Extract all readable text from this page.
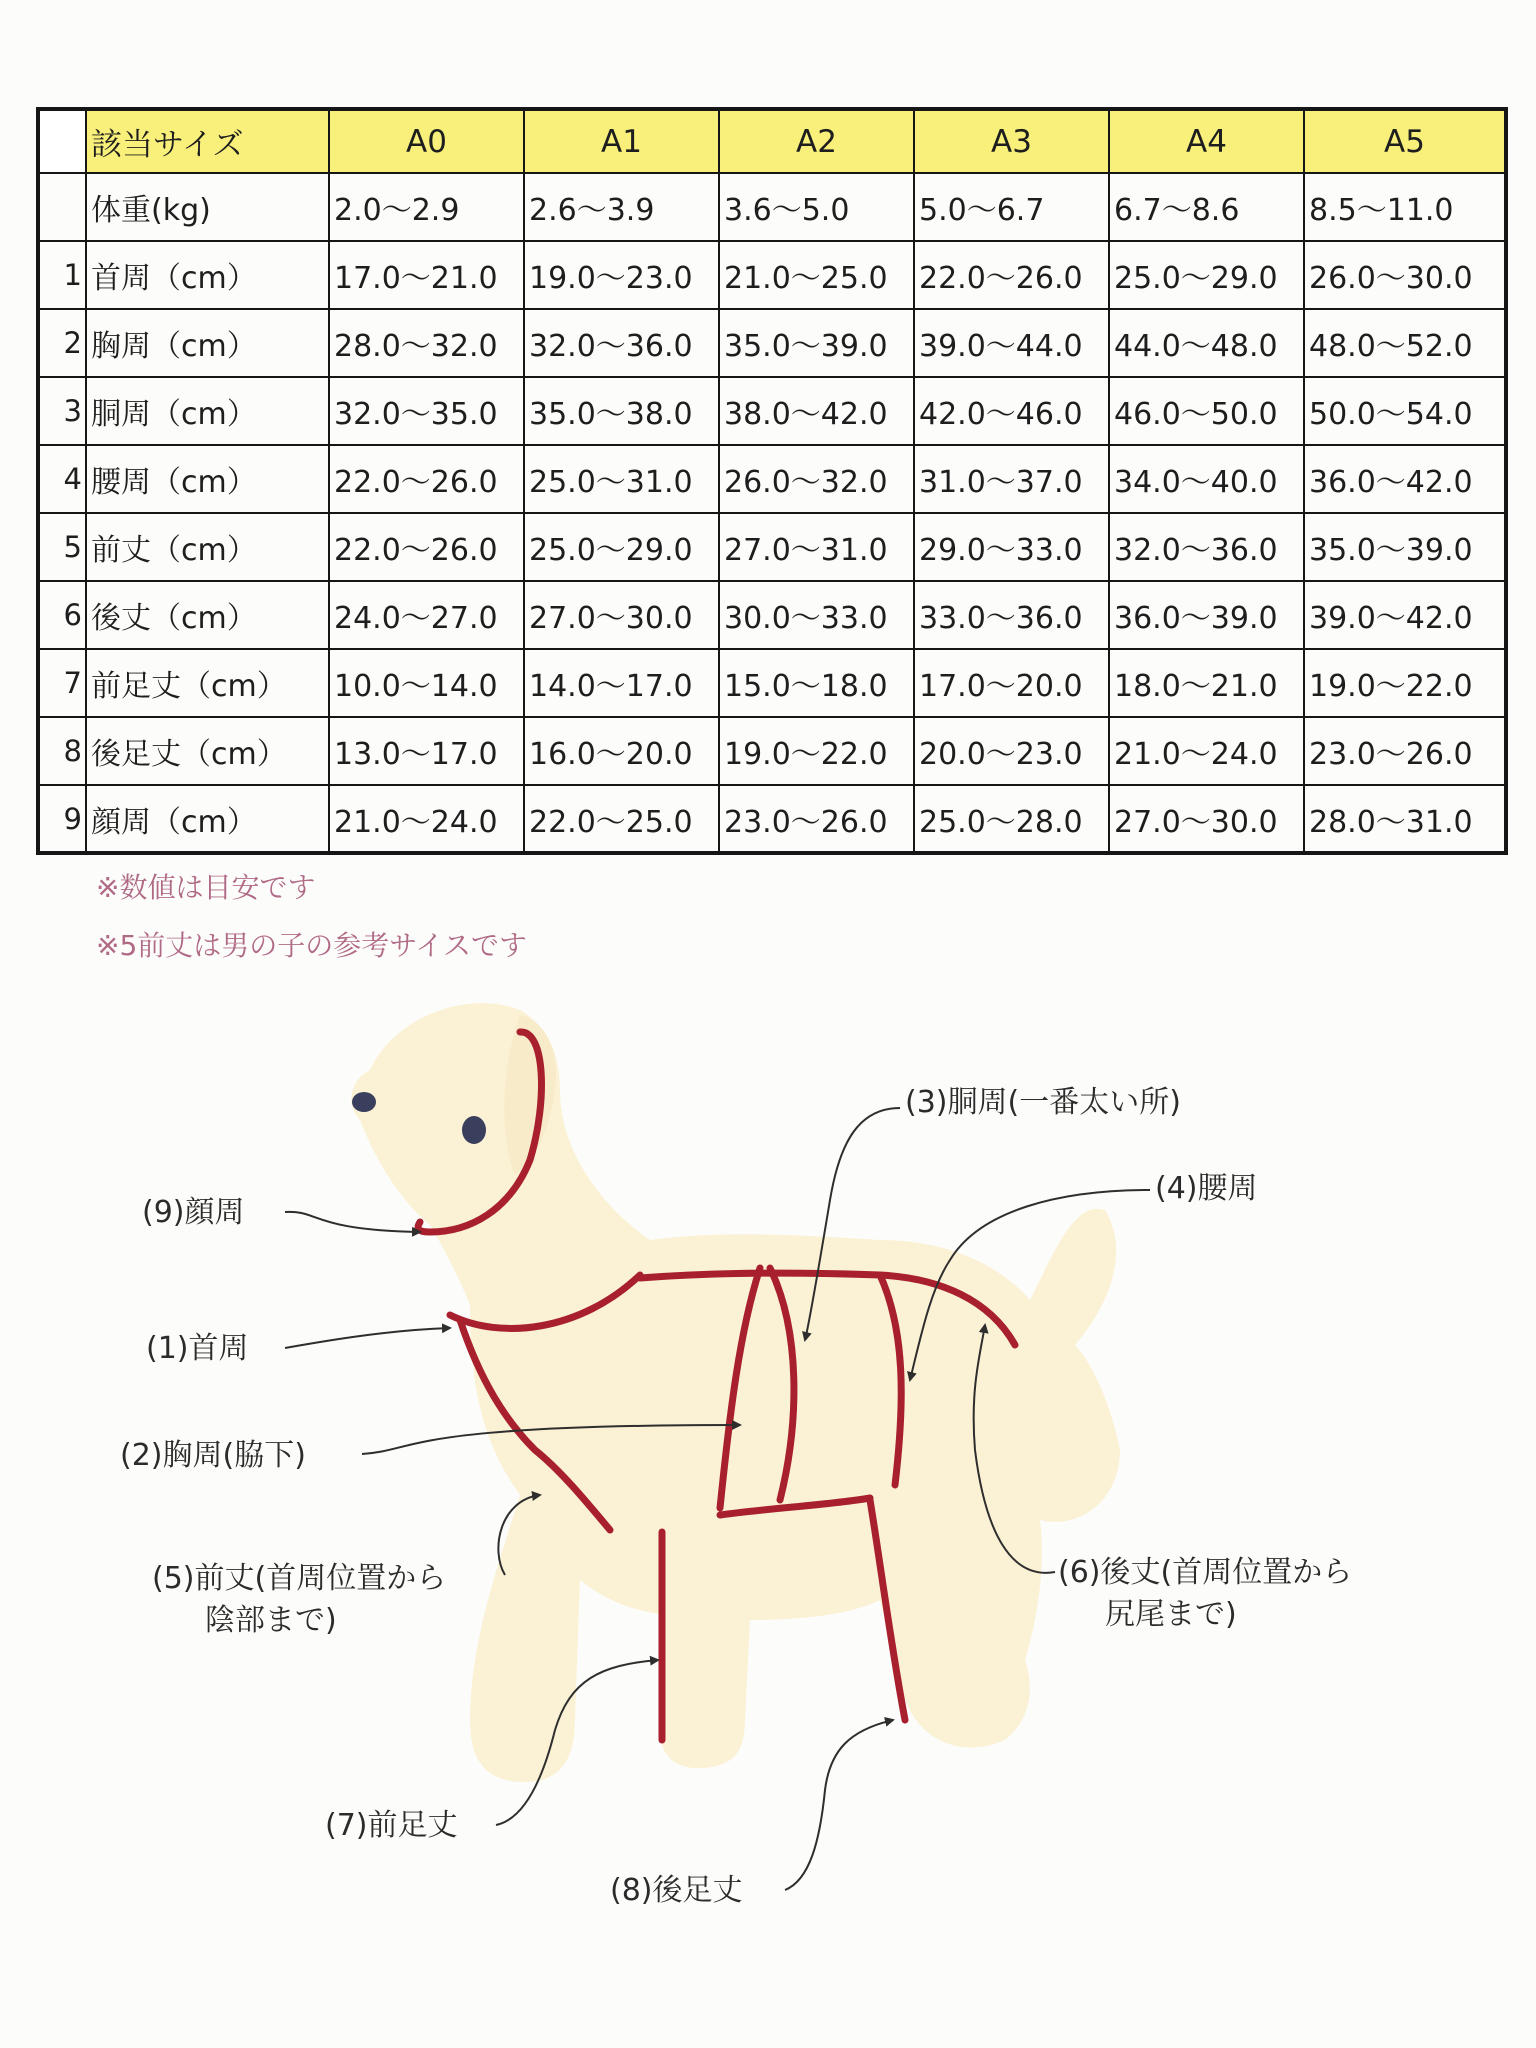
	該当サイズ	A0	A1	A2	A3	A4	A5
	体重(kg)	2.0〜2.9	2.6〜3.9	3.6〜5.0	5.0〜6.7	6.7〜8.6	8.5〜11.0
1	首周（cm）	17.0〜21.0	19.0〜23.0	21.0〜25.0	22.0〜26.0	25.0〜29.0	26.0〜30.0
2	胸周（cm）	28.0〜32.0	32.0〜36.0	35.0〜39.0	39.0〜44.0	44.0〜48.0	48.0〜52.0
3	胴周（cm）	32.0〜35.0	35.0〜38.0	38.0〜42.0	42.0〜46.0	46.0〜50.0	50.0〜54.0
4	腰周（cm）	22.0〜26.0	25.0〜31.0	26.0〜32.0	31.0〜37.0	34.0〜40.0	36.0〜42.0
5	前丈（cm）	22.0〜26.0	25.0〜29.0	27.0〜31.0	29.0〜33.0	32.0〜36.0	35.0〜39.0
6	後丈（cm）	24.0〜27.0	27.0〜30.0	30.0〜33.0	33.0〜36.0	36.0〜39.0	39.0〜42.0
7	前足丈（cm）	10.0〜14.0	14.0〜17.0	15.0〜18.0	17.0〜20.0	18.0〜21.0	19.0〜22.0
8	後足丈（cm）	13.0〜17.0	16.0〜20.0	19.0〜22.0	20.0〜23.0	21.0〜24.0	23.0〜26.0
9	顔周（cm）	21.0〜24.0	22.0〜25.0	23.0〜26.0	25.0〜28.0	27.0〜30.0	28.0〜31.0
※数値は目安です
※5前丈は男の子の参考サイスです
(9)顔周
(1)首周
(2)胸周(脇下)
(5)前丈(首周位置から
陰部まで)
(7)前足丈
(8)後足丈
(6)後丈(首周位置から
尻尾まで)
(3)胴周(一番太い所)
(4)腰周
